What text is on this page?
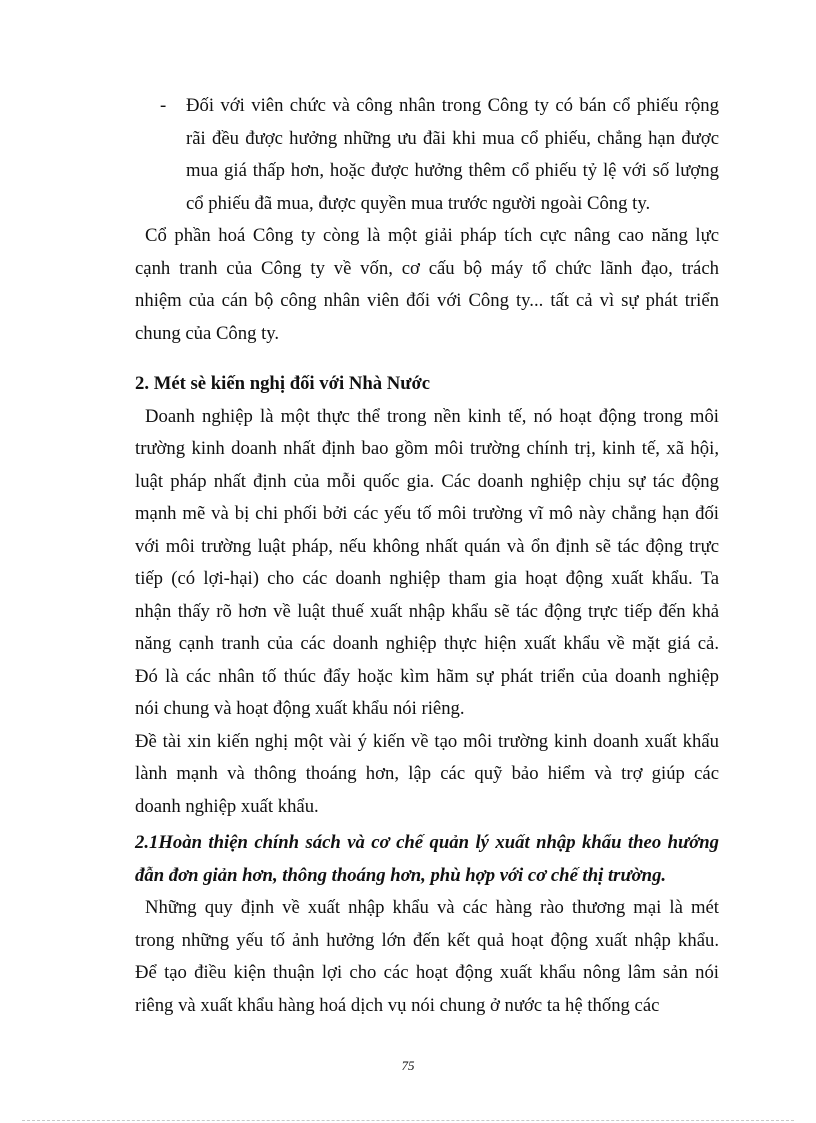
- Đối với viên chức và công nhân trong Công ty có bán cổ phiếu rộng
rãi đều được hưởng những ưu đãi khi mua cổ phiếu, chẳng hạn được
mua giá thấp hơn, hoặc được hưởng thêm cổ phiếu tỷ lệ với số lượng
cổ phiếu đã mua, được quyền mua trước người ngoài Công ty.
Cổ phần hoá Công ty còng là một giải pháp tích cực nâng cao năng lực
cạnh tranh của Công ty về vốn, cơ cấu bộ máy tổ chức lãnh đạo, trách
nhiệm của cán bộ công nhân viên đối với Công ty... tất cả vì sự phát triển
chung của Công ty.
2. Mét sè kiến nghị đối với Nhà Nước
Doanh nghiệp là một thực thể trong nền kinh tế, nó hoạt động trong môi
trường kinh doanh nhất định bao gồm môi trường chính trị, kinh tế, xã hội,
luật pháp nhất định của mỗi quốc gia. Các doanh nghiệp chịu sự tác động
mạnh mẽ và bị chi phối bởi các yếu tố môi trường vĩ mô này chẳng hạn đối
với môi trường luật pháp, nếu không nhất quán và ổn định sẽ tác động trực
tiếp (có lợi-hại) cho các doanh nghiệp tham gia hoạt động xuất khẩu. Ta
nhận thấy rõ hơn về luật thuế xuất nhập khẩu sẽ tác động trực tiếp đến khả
năng cạnh tranh của các doanh nghiệp thực hiện xuất khẩu về mặt giá cả.
Đó là các nhân tố thúc đẩy hoặc kìm hãm sự phát triển của doanh nghiệp
nói chung và hoạt động xuất khẩu nói riêng.
Đề tài xin kiến nghị một vài ý kiến về tạo môi trường kinh doanh xuất khẩu
lành mạnh và thông thoáng hơn, lập các quỹ bảo hiểm và trợ giúp các
doanh nghiệp xuất khẩu.
2.1Hoàn thiện chính sách và cơ chế quản lý xuất nhập khẩu theo hướng
đẫn đơn giản hơn, thông thoáng hơn, phù hợp với cơ chế thị trường.
Những quy định về xuất nhập khẩu và các hàng rào thương mại là mét
trong những yếu tố ảnh hưởng lớn đến kết quả hoạt động xuất nhập khẩu.
Để tạo điều kiện thuận lợi cho các hoạt động xuất khẩu nông lâm sản nói
riêng và xuất khẩu hàng hoá dịch vụ nói chung ở nước ta hệ thống các
75
